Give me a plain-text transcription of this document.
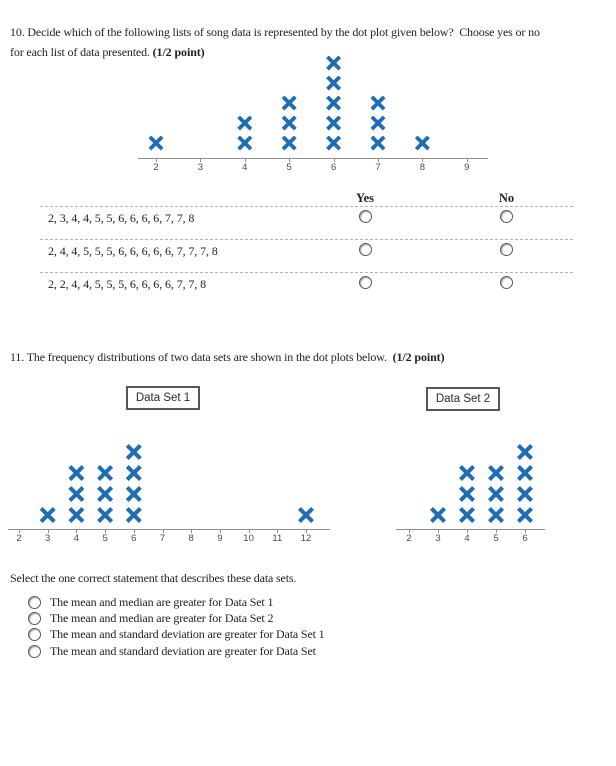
10. Decide which of the following lists of song data is represented by the dot plot given below?  Choose yes or no
for each list of data presented. (1/2 point)
2	3	4	5	6	7	8	9
Yes	No
2, 3, 4, 4, 5, 5, 6, 6, 6, 6, 7, 7, 8
2, 4, 4, 5, 5, 5, 6, 6, 6, 6, 6, 7, 7, 7, 8
2, 2, 4, 4, 5, 5, 5, 6, 6, 6, 6, 7, 7, 8
11. The frequency distributions of two data sets are shown in the dot plots below.  (1/2 point)
Data Set 1	Data Set 2
2	3	4	5	6	7	8	9	10	11	12	2	3	4	5	6
Select the one correct statement that describes these data sets.
The mean and median are greater for Data Set 1
The mean and median are greater for Data Set 2
The mean and standard deviation are greater for Data Set 1
The mean and standard deviation are greater for Data Set
